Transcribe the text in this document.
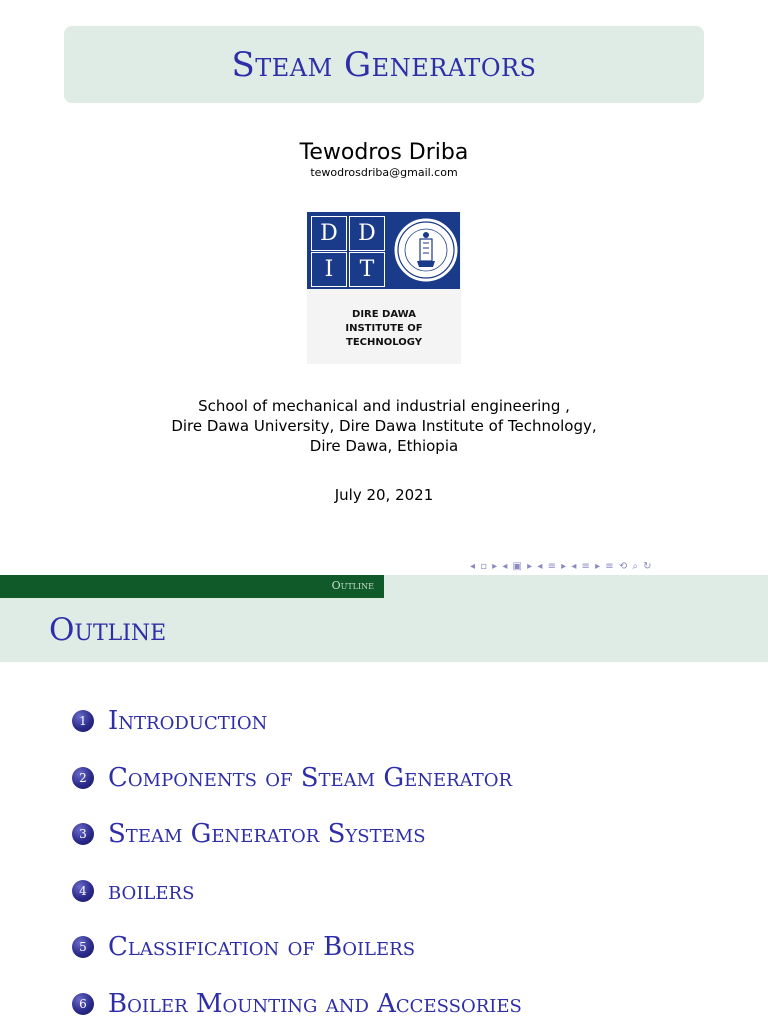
Steam Generators
Tewodros Driba
tewodrosdriba@gmail.com
D D
I	T
DIRE DAWA
INSTITUTE OF TECHNOLOGY
School of mechanical and industrial engineering ,
Dire Dawa University, Dire Dawa Institute of Technology,
Dire Dawa, Ethiopia
July 20, 2021
◂ ▫ ▸ ◂ ▣ ▸ ◂ ≡ ▸ ◂ ≡ ▸ ≡ ⟲ ⌕ ↻
Outline
Outline
1 Introduction
2 Components of Steam Generator
3 Steam Generator Systems
4 boilers
5 Classification of Boilers
6 Boiler Mounting and Accessories
